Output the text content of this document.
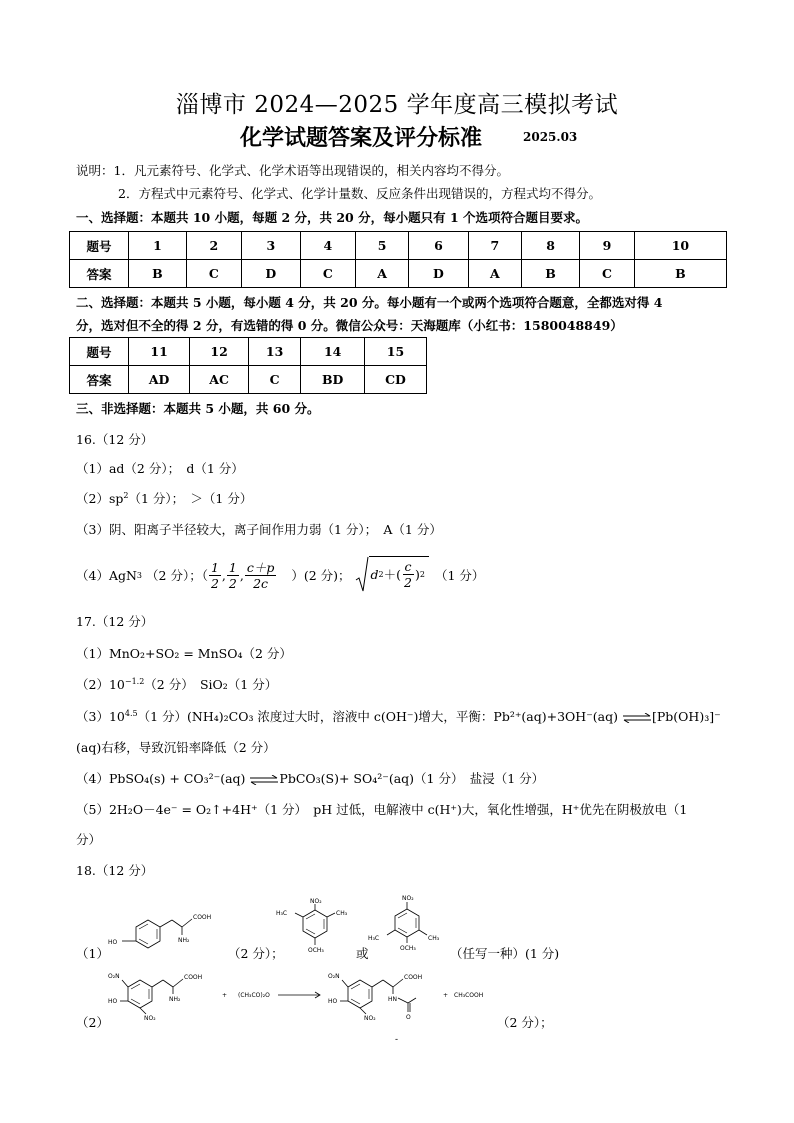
淄博市 2024—2025 学年度高三模拟考试
化学试题答案及评分标准	2025.03
说明：1．凡元素符号、化学式、化学术语等出现错误的，相关内容均不得分。
2．方程式中元素符号、化学式、化学计量数、反应条件出现错误的，方程式均不得分。
一、选择题：本题共 10 小题，每题 2 分，共 20 分，每小题只有 1 个选项符合题目要求。
题号	1	2	3	4	5	6	7	8	9	10
答案	B	C	D	C	A	D	A	B	C	B
二、选择题：本题共 5 小题，每小题 4 分，共 20 分。每小题有一个或两个选项符合题意，全都选对得 4
分，选对但不全的得 2 分，有选错的得 0 分。微信公众号：天海题库（小红书：1580048849）
题号	11	12	13	14	15
答案	AD	AC	C	BD	CD
三、非选择题：本题共 5 小题，共 60 分。
16.（12 分）
（1）ad（2 分）；　d（1 分）
$(2)sp^2(1$ 分）；　＞（1 分）
（3）阴、阳离子半径较大，离子间作用力弱（1 分）；　A（1 分）
（4）AgN 3 （2 分）；（ $\frac{1}{2}$ , $\frac{1}{2}$ , $\frac{c+p}{2c} )(2$ 分)； d 2 ＋( $\frac{c}{2}$ ) 2 （1 分）
17.（12 分）
（1）MnO₂+SO₂ = MnSO₄（2 分）
$(2)10^{-1.2}(2$ 分）　SiO₂（1 分）
$(3)10^{4.5}(1$ 分）(NH₄)₂CO₃ 浓度过大时，溶液中 c(OH⁻)增大，平衡：Pb²⁺(aq)+3OH⁻(aq) ⇌[Pb(OH)₃]⁻
(aq)右移，导致沉铅率降低（2 分）
（4）PbSO₄(s) + CO₃²⁻(aq) ⇌PbCO₃(S)+ SO₄²⁻(aq)（1 分）　盐浸（1 分）
（5）2H₂O－4e⁻ = O₂↑+4H⁺（1 分）　pH 过低，电解液中 c(H⁺)大，氧化性增强，H⁺优先在阴极放电（1
分）
18.（12 分）
（1）
HO
COOH
NH₂
（2 分）；
NO₂
H₃C	CH₃
OCH₃	或
NO₂
H₃C	CH₃
OCH₃	（任写一种）(1 分)
（2）
O₂N
HO
NO₂
COOH
NH₂
+ (CH₃CO)₂O
O₂N
HO
NO₂
COOH
HN
O
+ CH₃COOH
（2 分）；
-
